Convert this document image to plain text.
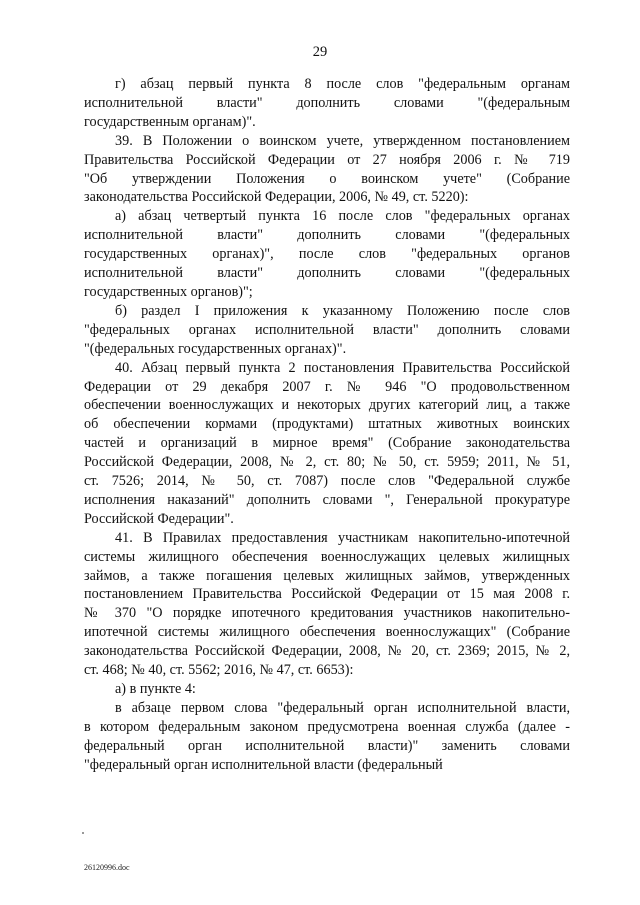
29

г) абзац первый пункта 8 после слов "федеральным органам
исполнительной власти" дополнить словами "(федеральным
государственным органам)".

39. В Положении о воинском учете, утвержденном постановлением
Правительства Российской Федерации от 27 ноября 2006 г. № 719
"Об утверждении Положения о воинском учете" (Собрание
законодательства Российской Федерации, 2006, № 49, ст. 5220):

а) абзац четвертый пункта 16 после слов "федеральных органах
исполнительной власти" дополнить словами "(федеральных
государственных органах)", после слов "федеральных органов
исполнительной власти" дополнить словами "(федеральных
государственных органов)";

б) раздел I приложения к указанному Положению после слов
"федеральных органах исполнительной власти" дополнить словами
"(федеральных государственных органах)".

40. Абзац первый пункта 2 постановления Правительства Российской
Федерации от 29 декабря 2007 г. № 946 "О продовольственном
обеспечении военнослужащих и некоторых других категорий лиц, а также
об обеспечении кормами (продуктами) штатных животных воинских
частей и организаций в мирное время" (Собрание законодательства
Российской Федерации, 2008, № 2, ст. 80; № 50, ст. 5959; 2011, № 51,
ст. 7526; 2014, № 50, ст. 7087) после слов "Федеральной службе
исполнения наказаний" дополнить словами ", Генеральной прокуратуре
Российской Федерации".

41. В Правилах предоставления участникам накопительно-ипотечной
системы жилищного обеспечения военнослужащих целевых жилищных
займов, а также погашения целевых жилищных займов, утвержденных
постановлением Правительства Российской Федерации от 15 мая 2008 г.
№ 370 "О порядке ипотечного кредитования участников накопительно-
ипотечной системы жилищного обеспечения военнослужащих" (Собрание
законодательства Российской Федерации, 2008, № 20, ст. 2369; 2015, № 2,
ст. 468; № 40, ст. 5562; 2016, № 47, ст. 6653):

а) в пункте 4:

в абзаце первом слова "федеральный орган исполнительной власти,
в котором федеральным законом предусмотрена военная служба (далее -
федеральный орган исполнительной власти)" заменить словами
"федеральный орган исполнительной власти (федеральный

26120996.doc
